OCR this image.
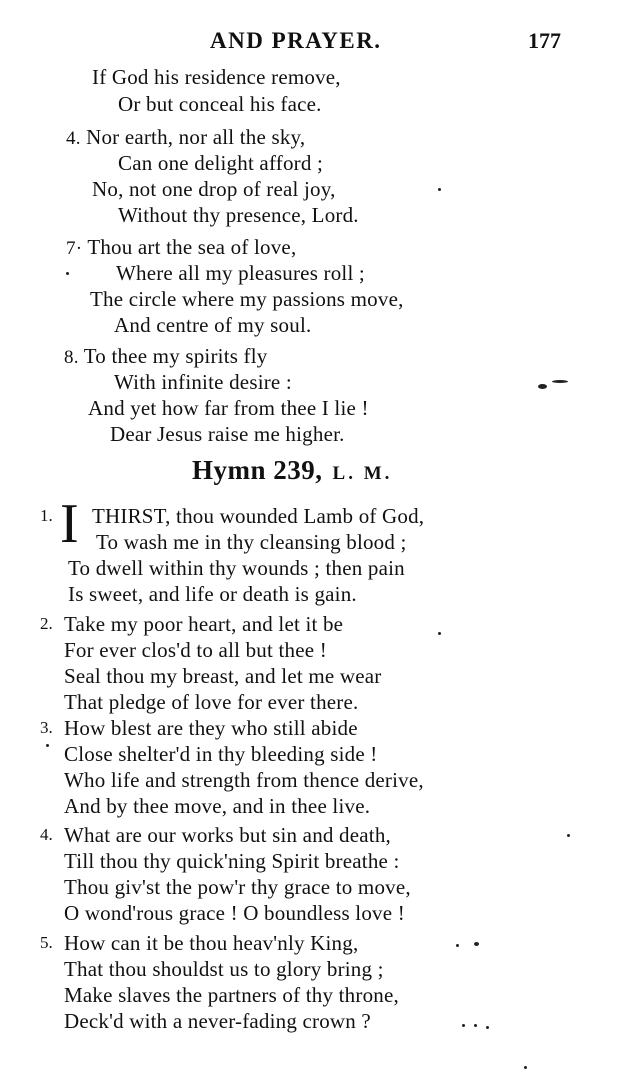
AND PRAYER.	177
If God his residence remove,
Or but conceal his face.
4. Nor earth, nor all the sky,
Can one delight afford ;
No, not one drop of real joy,
Without thy presence, Lord.
7· Thou art the sea of love,
Where all my pleasures roll ;
The circle where my passions move,
And centre of my soul.
8. To thee my spirits fly
With infinite desire :
And yet how far from thee I lie !
Dear Jesus raise me higher.
Hymn 239, L. M.
1. I THIRST, thou wounded Lamb of God,
To wash me in thy cleansing blood ;
To dwell within thy wounds ; then pain
Is sweet, and life or death is gain.
2. Take my poor heart, and let it be
For ever clos'd to all but thee !
Seal thou my breast, and let me wear
That pledge of love for ever there.
3. How blest are they who still abide
Close shelter'd in thy bleeding side !
Who life and strength from thence derive,
And by thee move, and in thee live.
4. What are our works but sin and death,
Till thou thy quick'ning Spirit breathe :
Thou giv'st the pow'r thy grace to move,
O wond'rous grace ! O boundless love !
5. How can it be thou heav'nly King,
That thou shouldst us to glory bring ;
Make slaves the partners of thy throne,
Deck'd with a never-fading crown ?
